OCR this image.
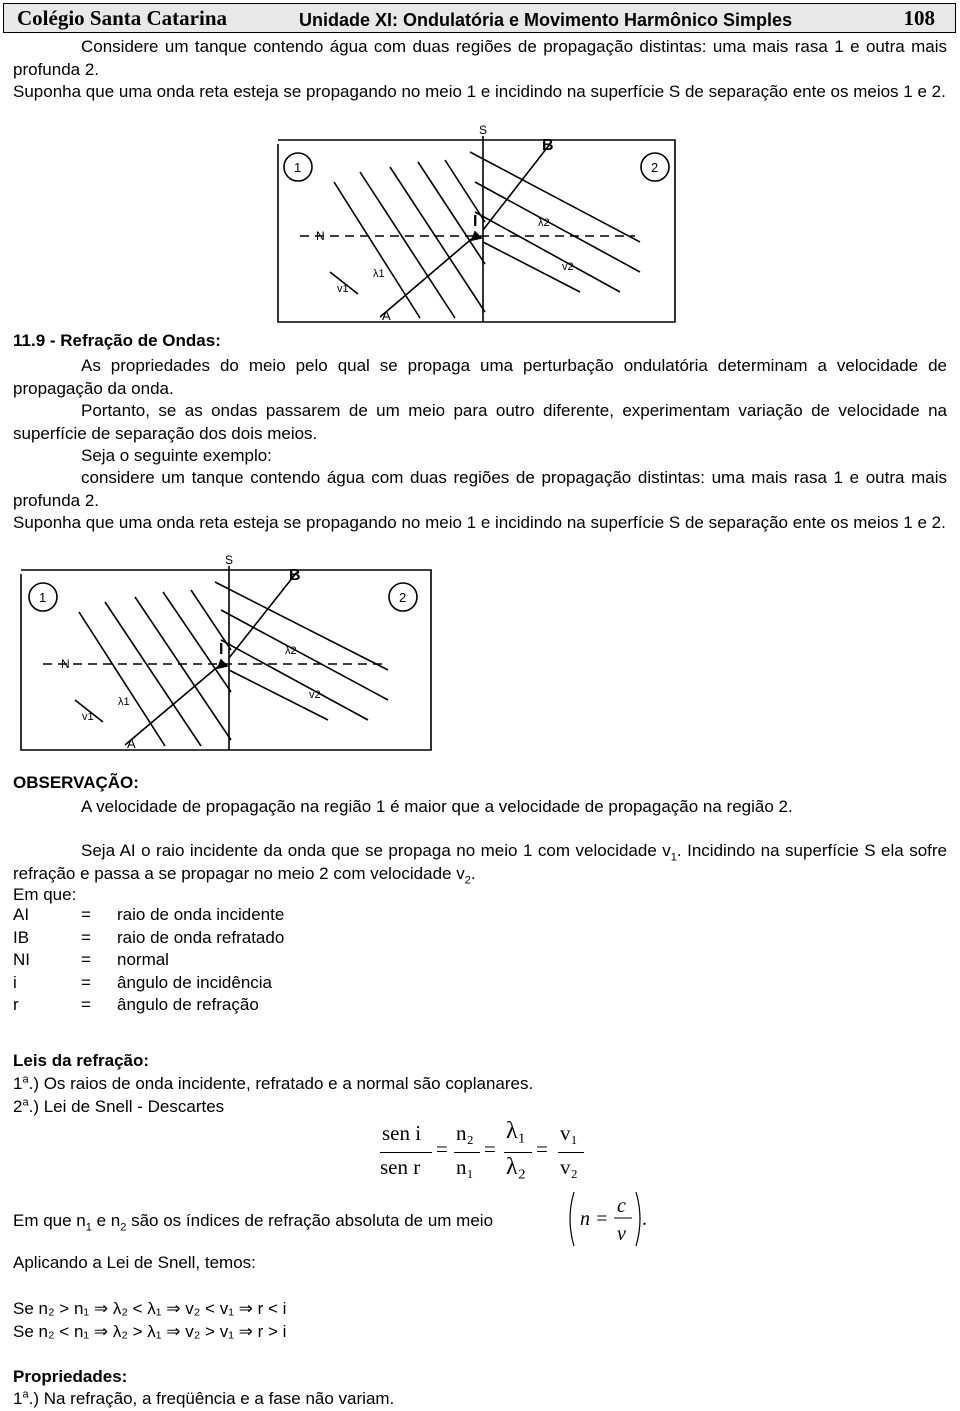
Colégio Santa Catarina	Unidade XI: Ondulatória e Movimento Harmônico Simples	108
Considere um tanque contendo água com duas regiões de propagação distintas: uma mais rasa 1 e outra mais profunda 2.
Suponha que uma onda reta esteja se propagando no meio 1 e incidindo na superfície S de separação ente os meios 1 e 2.
S
B
1	2
N
I	λ2
λ1
v2
v1
A
11.9 - Refração de Ondas:
As propriedades do meio pelo qual se propaga uma perturbação ondulatória determinam a velocidade de propagação da onda.
Portanto, se as ondas passarem de um meio para outro diferente, experimentam variação de velocidade na superfície de separação dos dois meios.
Seja o seguinte exemplo:
considere um tanque contendo água com duas regiões de propagação distintas: uma mais rasa 1 e outra mais profunda 2.
Suponha que uma onda reta esteja se propagando no meio 1 e incidindo na superfície S de separação ente os meios 1 e 2.
S
B
1	2
N
I	λ2
λ1
v2
v1
A
OBSERVAÇÃO:
A velocidade de propagação na região 1 é maior que a velocidade de propagação na região 2.
Seja AI o raio incidente da onda que se propaga no meio 1 com velocidade $v_1$. Incidindo na superfície S ela sofre refração e passa a se propagar no meio 2 com velocidade $v_2$.
Em que:
AI	= raio de onda incidente
IB	= raio de onda refratado
NI	= normal
i	= ângulo de incidência
r	= ângulo de refração
Leis da refração:
1$^a$.) Os raios de onda incidente, refratado e a normal são coplanares.
2$^a$.) Lei de Snell - Descartes
sen i
sen r
=
n₂
n₁
=
λ₁
λ₂
=
v₁
v₂
Em que $n_1$ e $n_2$ são os índices de refração absoluta de um meio	n =
c
v
.
Aplicando a Lei de Snell, temos:
Se n₂ > n₁ ⇒ λ₂ < λ₁ ⇒ v₂ < v₁ ⇒ r < i
Se n₂ < n₁ ⇒ λ₂ > λ₁ ⇒ v₂ > v₁ ⇒ r > i
Propriedades:
1$^a$.) Na refração, a freqüência e a fase não variam.
